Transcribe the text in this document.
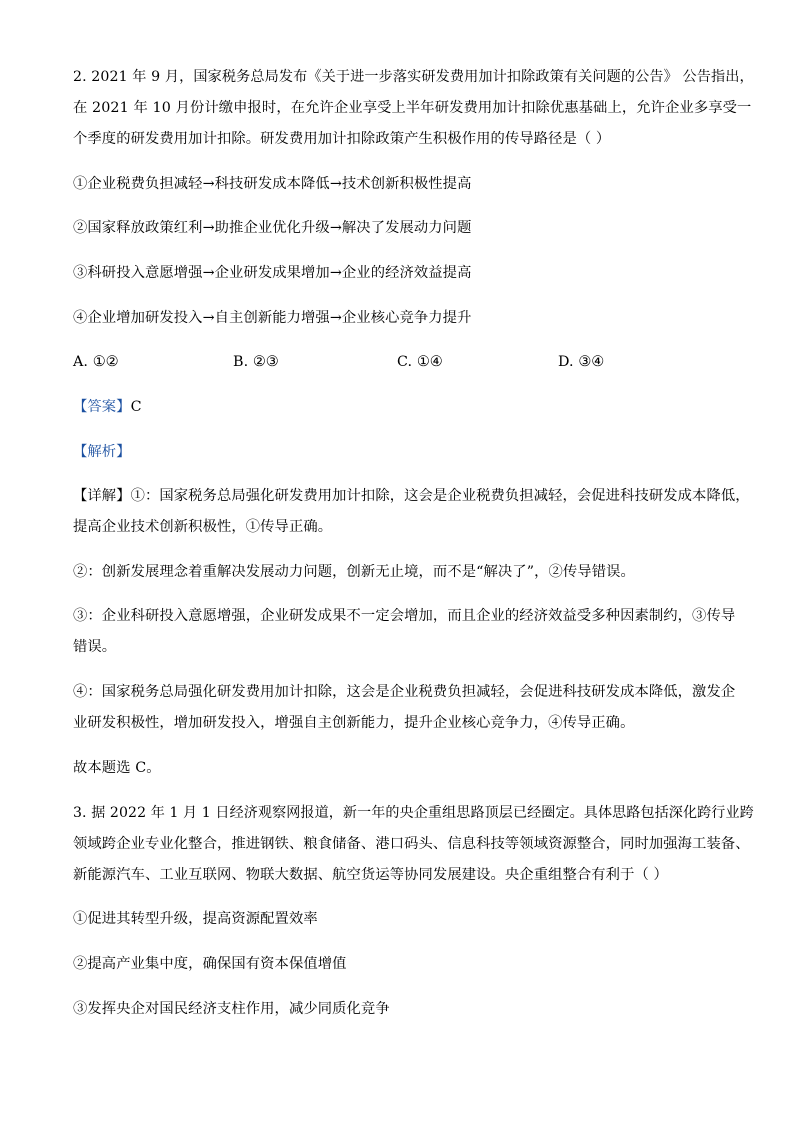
2. 2021 年 9 月，国家税务总局发布《关于进一步落实研发费用加计扣除政策有关问题的公告》 公告指出，
在 2021 年 10 月份计缴申报时，在允许企业享受上半年研发费用加计扣除优惠基础上，允许企业多享受一
个季度的研发费用加计扣除。研发费用加计扣除政策产生积极作用的传导路径是（ ）
①企业税费负担减轻→科技研发成本降低→技术创新积极性提高
②国家释放政策红利→助推企业优化升级→解决了发展动力问题
③科研投入意愿增强→企业研发成果增加→企业的经济效益提高
④企业增加研发投入→自主创新能力增强→企业核心竞争力提升
A. ①②	B. ②③	C. ①④	D. ③④
【答案】C
【解析】
【详解】①：国家税务总局强化研发费用加计扣除，这会是企业税费负担减轻，会促进科技研发成本降低，
提高企业技术创新积极性，①传导正确。
②：创新发展理念着重解决发展动力问题，创新无止境，而不是“解决了”，②传导错误。
③：企业科研投入意愿增强，企业研发成果不一定会增加，而且企业的经济效益受多种因素制约，③传导
错误。
④：国家税务总局强化研发费用加计扣除，这会是企业税费负担减轻，会促进科技研发成本降低，激发企
业研发积极性，增加研发投入，增强自主创新能力，提升企业核心竞争力，④传导正确。
故本题选 C。
3. 据 2022 年 1 月 1 日经济观察网报道，新一年的央企重组思路顶层已经圈定。具体思路包括深化跨行业跨
领域跨企业专业化整合，推进钢铁、粮食储备、港口码头、信息科技等领域资源整合，同时加强海工装备、
新能源汽车、工业互联网、物联大数据、航空货运等协同发展建设。央企重组整合有利于（ ）
①促进其转型升级，提高资源配置效率
②提高产业集中度，确保国有资本保值增值
③发挥央企对国民经济支柱作用，减少同质化竞争
